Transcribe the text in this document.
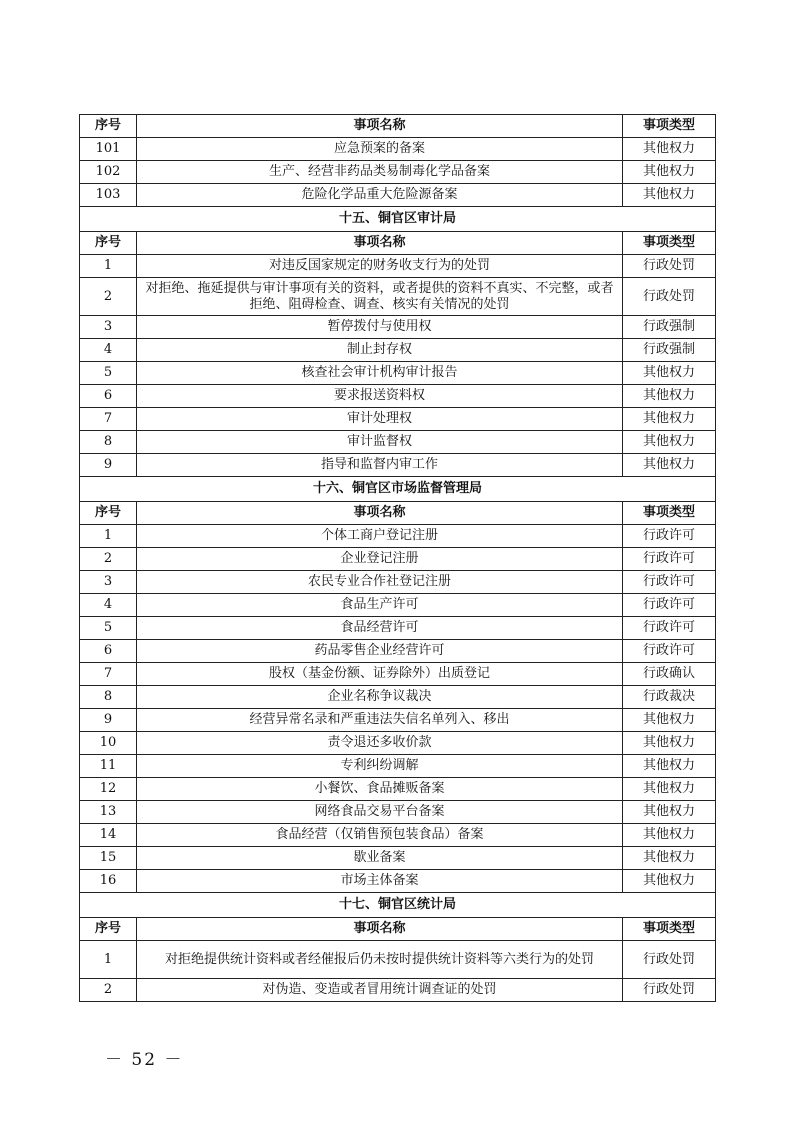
序号	事项名称	事项类型
101	应急预案的备案	其他权力
102	生产、经营非药品类易制毒化学品备案	其他权力
103	危险化学品重大危险源备案	其他权力
十五、铜官区审计局		
序号	事项名称	事项类型
1	对违反国家规定的财务收支行为的处罚	行政处罚
2	对拒绝、拖延提供与审计事项有关的资料，或者提供的资料不真实、不完整，或者拒绝、阻碍检查、调查、核实有关情况的处罚	行政处罚
3	暂停拨付与使用权	行政强制
4	制止封存权	行政强制
5	核查社会审计机构审计报告	其他权力
6	要求报送资料权	其他权力
7	审计处理权	其他权力
8	审计监督权	其他权力
9	指导和监督内审工作	其他权力
十六、铜官区市场监督管理局		
序号	事项名称	事项类型
1	个体工商户登记注册	行政许可
2	企业登记注册	行政许可
3	农民专业合作社登记注册	行政许可
4	食品生产许可	行政许可
5	食品经营许可	行政许可
6	药品零售企业经营许可	行政许可
7	股权（基金份额、证券除外）出质登记	行政确认
8	企业名称争议裁决	行政裁决
9	经营异常名录和严重违法失信名单列入、移出	其他权力
10	责令退还多收价款	其他权力
11	专利纠纷调解	其他权力
12	小餐饮、食品摊贩备案	其他权力
13	网络食品交易平台备案	其他权力
14	食品经营（仅销售预包装食品）备案	其他权力
15	歇业备案	其他权力
16	市场主体备案	其他权力
十七、铜官区统计局		
序号	事项名称	事项类型
1	对拒绝提供统计资料或者经催报后仍未按时提供统计资料等六类行为的处罚	行政处罚
2	对伪造、变造或者冒用统计调查证的处罚	行政处罚
－ 52 －
